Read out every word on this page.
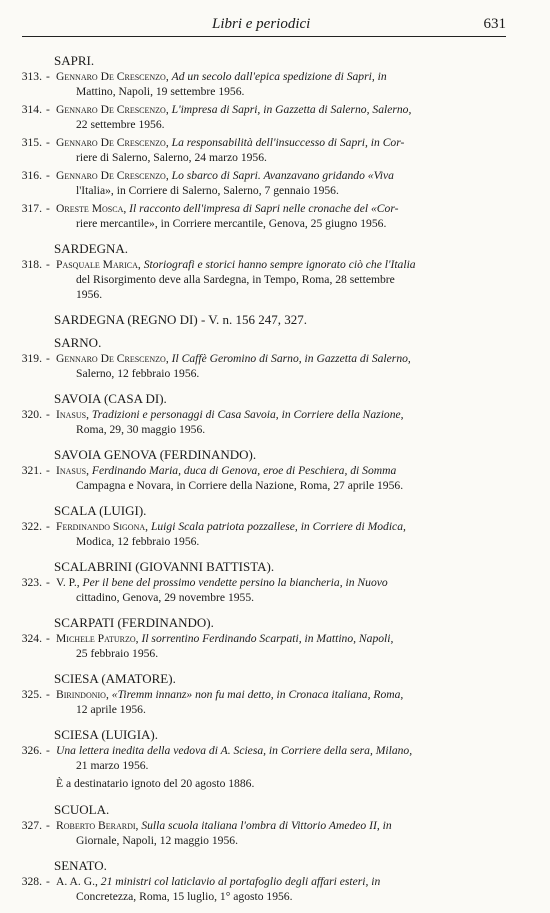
Libri e periodici	631
SAPRI.
313. - Gennaro De Crescenzo, Ad un secolo dall'epica spedizione di Sapri, in
Mattino, Napoli, 19 settembre 1956.
314. - Gennaro De Crescenzo, L'impresa di Sapri, in Gazzetta di Salerno, Salerno,
22 settembre 1956.
315. - Gennaro De Crescenzo, La responsabilità dell'insuccesso di Sapri, in Cor-
riere di Salerno, Salerno, 24 marzo 1956.
316. - Gennaro De Crescenzo, Lo sbarco di Sapri. Avanzavano gridando «Viva
l'Italia», in Corriere di Salerno, Salerno, 7 gennaio 1956.
317. - Oreste Mosca, Il racconto dell'impresa di Sapri nelle cronache del «Cor-
riere mercantile», in Corriere mercantile, Genova, 25 giugno 1956.
SARDEGNA.
318. - Pasquale Marica, Storiografi e storici hanno sempre ignorato ciò che l'Italia
del Risorgimento deve alla Sardegna, in Tempo, Roma, 28 settembre
1956.
SARDEGNA (REGNO DI) - V. n. 156 247, 327.
SARNO.
319. - Gennaro De Crescenzo, Il Caffè Geromino di Sarno, in Gazzetta di Salerno,
Salerno, 12 febbraio 1956.
SAVOIA (CASA DI).
320. - Inasus, Tradizioni e personaggi di Casa Savoia, in Corriere della Nazione,
Roma, 29, 30 maggio 1956.
SAVOIA GENOVA (FERDINANDO).
321. - Inasus, Ferdinando Maria, duca di Genova, eroe di Peschiera, di Somma
Campagna e Novara, in Corriere della Nazione, Roma, 27 aprile 1956.
SCALA (LUIGI).
322. - Ferdinando Sigona, Luigi Scala patriota pozzallese, in Corriere di Modica,
Modica, 12 febbraio 1956.
SCALABRINI (GIOVANNI BATTISTA).
323. - V. P., Per il bene del prossimo vendette persino la biancheria, in Nuovo
cittadino, Genova, 29 novembre 1955.
SCARPATI (FERDINANDO).
324. - Michele Paturzo, Il sorrentino Ferdinando Scarpati, in Mattino, Napoli,
25 febbraio 1956.
SCIESA (AMATORE).
325. - Birindonio, «Tiremm innanz» non fu mai detto, in Cronaca italiana, Roma,
12 aprile 1956.
SCIESA (LUIGIA).
326. - Una lettera inedita della vedova di A. Sciesa, in Corriere della sera, Milano,
21 marzo 1956.
È a destinatario ignoto del 20 agosto 1886.
SCUOLA.
327. - Roberto Berardi, Sulla scuola italiana l'ombra di Vittorio Amedeo II, in
Giornale, Napoli, 12 maggio 1956.
SENATO.
328. - A. A. G., 21 ministri col laticlavio al portafoglio degli affari esteri, in
Concretezza, Roma, 15 luglio, 1° agosto 1956.
